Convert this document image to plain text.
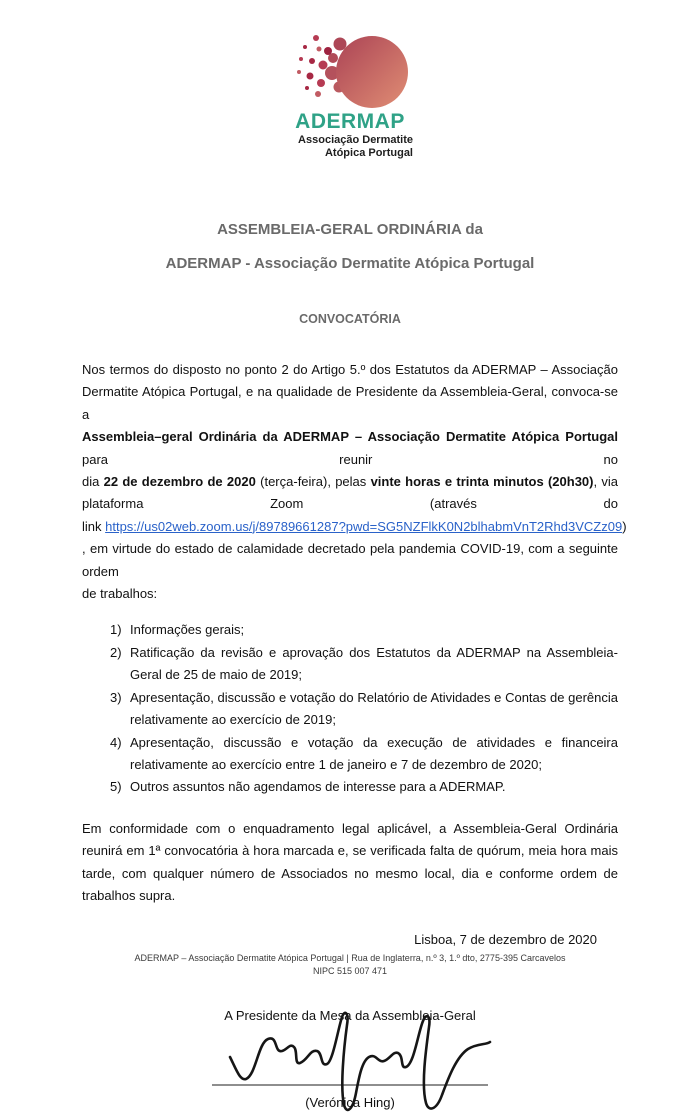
ADERMAP
Associação Dermatite
Atópica Portugal
ASSEMBLEIA-GERAL ORDINÁRIA da
ADERMAP - Associação Dermatite Atópica Portugal
CONVOCATÓRIA
Nos termos do disposto no ponto 2 do Artigo 5.º dos Estatutos da ADERMAP – Associação
Dermatite Atópica Portugal, e na qualidade de Presidente da Assembleia-Geral, convoca-se a
Assembleia–geral Ordinária da ADERMAP – Associação Dermatite Atópica Portugal para reunir no
dia 22 de dezembro de 2020 (terça-feira), pelas vinte horas e trinta minutos (20h30), via
plataforma Zoom (através do
link https://us02web.zoom.us/j/89789661287?pwd=SG5NZFlkK0N2blhabmVnT2Rhd3VCZz09)
, em virtude do estado de calamidade decretado pela pandemia COVID-19, com a seguinte ordem
de trabalhos:
1) Informações gerais;
2) Ratificação da revisão e aprovação dos Estatutos da ADERMAP na Assembleia-Geral de 25 de maio de 2019;
3) Apresentação, discussão e votação do Relatório de Atividades e Contas de gerência relativamente ao exercício de 2019;
4) Apresentação, discussão e votação da execução de atividades e financeira relativamente ao exercício entre 1 de janeiro e 7 de dezembro de 2020;
5) Outros assuntos não agendamos de interesse para a ADERMAP.
Em conformidade com o enquadramento legal aplicável, a Assembleia-Geral Ordinária reunirá em 1ª convocatória à hora marcada e, se verificada falta de quórum, meia hora mais tarde, com qualquer número de Associados no mesmo local, dia e conforme ordem de trabalhos supra.
Lisboa, 7 de dezembro de 2020
A Presidente da Mesa da Assembleia-Geral
(Verónica Hing)
ADERMAP – Associação Dermatite Atópica Portugal | Rua de Inglaterra, n.º 3, 1.º dto, 2775-395 Carcavelos
NIPC 515 007 471
